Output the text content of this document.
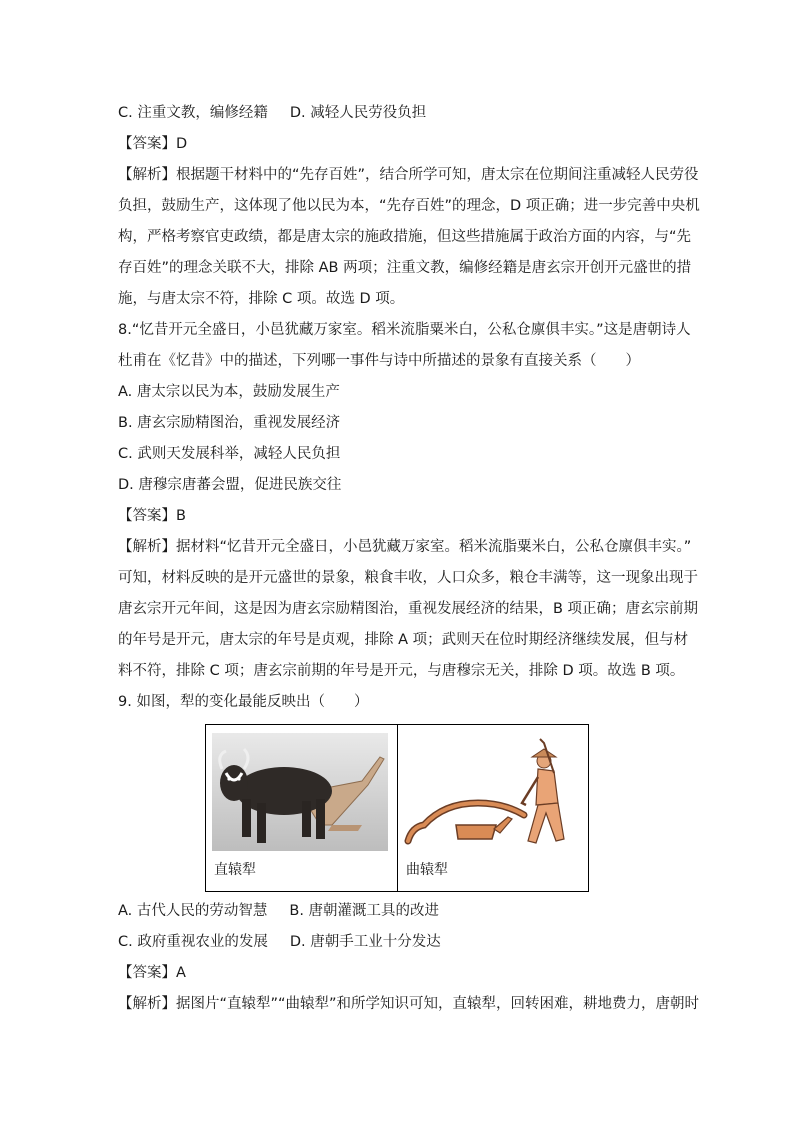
C. 注重文教，编修经籍 D. 减轻人民劳役负担
【答案】D
【解析】根据题干材料中的“先存百姓”，结合所学可知，唐太宗在位期间注重减轻人民劳役
负担，鼓励生产，这体现了他以民为本，“先存百姓”的理念，D 项正确；进一步完善中央机
构，严格考察官吏政绩，都是唐太宗的施政措施，但这些措施属于政治方面的内容，与“先
存百姓”的理念关联不大，排除 AB 两项；注重文教，编修经籍是唐玄宗开创开元盛世的措
施，与唐太宗不符，排除 C 项。故选 D 项。
8.“忆昔开元全盛日，小邑犹藏万家室。稻米流脂粟米白，公私仓廪俱丰实。”这是唐朝诗人
杜甫在《忆昔》中的描述，下列哪一事件与诗中所描述的景象有直接关系（　　）
A. 唐太宗以民为本，鼓励发展生产
B. 唐玄宗励精图治，重视发展经济
C. 武则天发展科举，减轻人民负担
D. 唐穆宗唐蕃会盟，促进民族交往
【答案】B
【解析】据材料“忆昔开元全盛日，小邑犹藏万家室。稻米流脂粟米白，公私仓廪俱丰实。”
可知，材料反映的是开元盛世的景象，粮食丰收，人口众多，粮仓丰满等，这一现象出现于
唐玄宗开元年间，这是因为唐玄宗励精图治，重视发展经济的结果，B 项正确；唐玄宗前期
的年号是开元，唐太宗的年号是贞观，排除 A 项；武则天在位时期经济继续发展，但与材
料不符，排除 C 项；唐玄宗前期的年号是开元，与唐穆宗无关，排除 D 项。故选 B 项。
9. 如图，犁的变化最能反映出（　　）
直辕犁	曲辕犁
A. 古代人民的劳动智慧 B. 唐朝灌溉工具的改进
C. 政府重视农业的发展 D. 唐朝手工业十分发达
【答案】A
【解析】据图片“直辕犁”“曲辕犁”和所学知识可知，直辕犁，回转困难，耕地费力，唐朝时
